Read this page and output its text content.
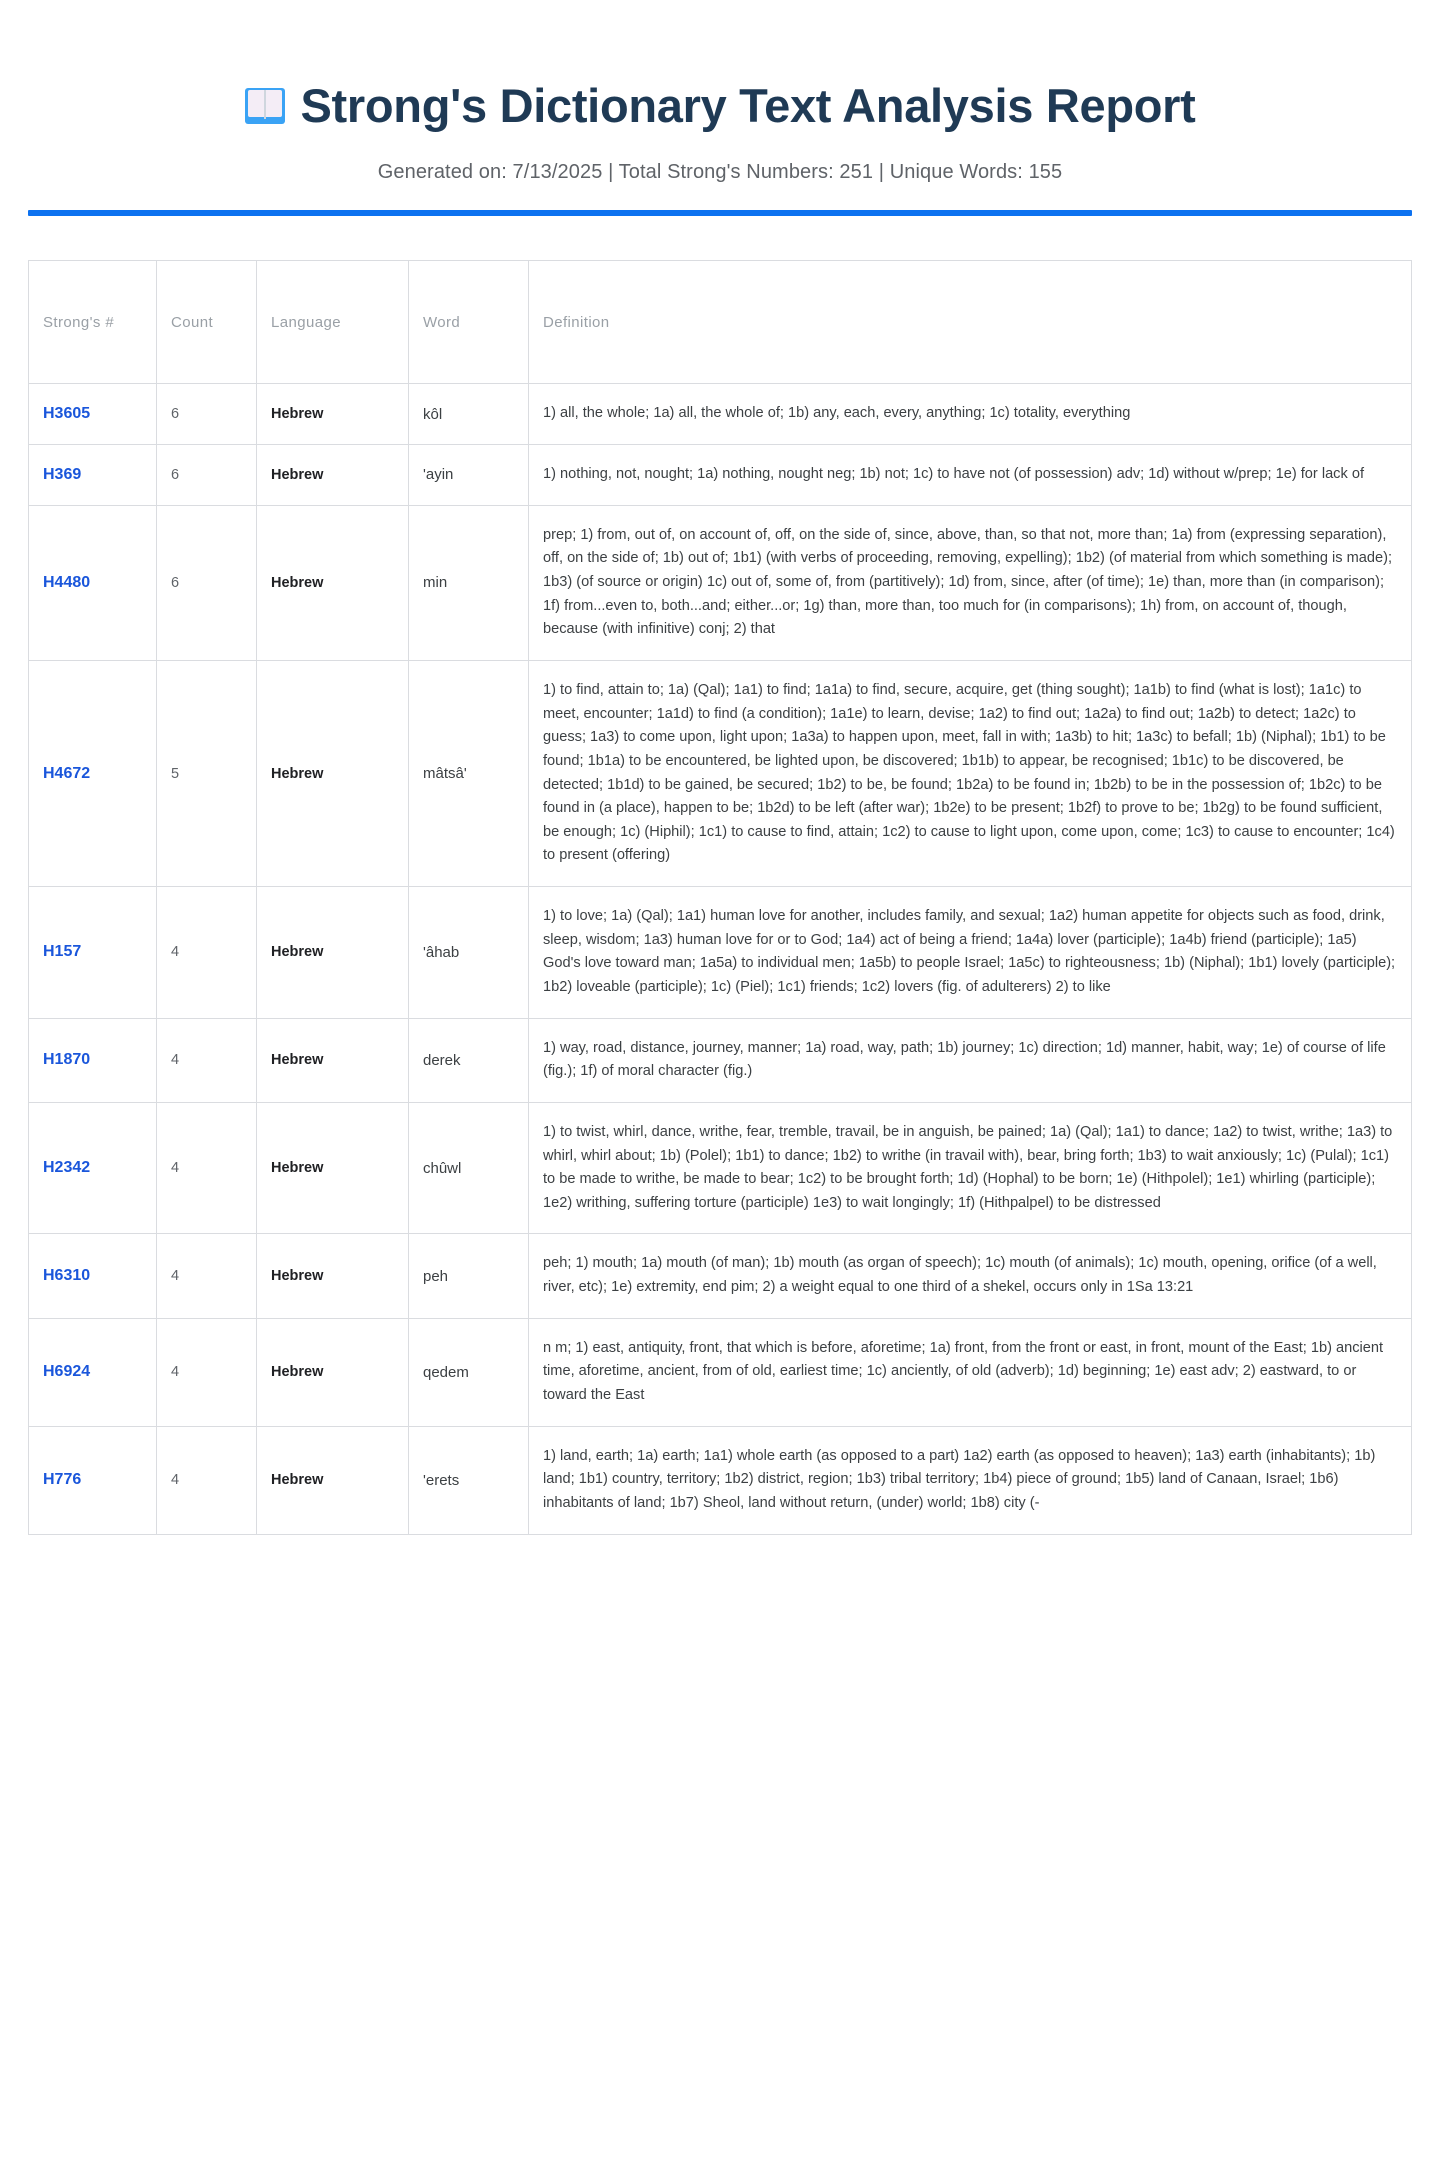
Strong's Dictionary Text Analysis Report

Generated on: 7/13/2025 | Total Strong's Numbers: 251 | Unique Words: 155

Strong's #	Count	Language	Word	Definition
H3605	6	Hebrew	kôl	1) all, the whole; 1a) all, the whole of; 1b) any, each, every, anything; 1c) totality, everything
H369	6	Hebrew	'ayin	1) nothing, not, nought; 1a) nothing, nought neg; 1b) not; 1c) to have not (of possession) adv; 1d) without w/prep; 1e) for lack of
H4480	6	Hebrew	min	prep; 1) from, out of, on account of, off, on the side of, since, above, than, so that not, more than; 1a) from (expressing separation), off, on the side of; 1b) out of; 1b1) (with verbs of proceeding, removing, expelling); 1b2) (of material from which something is made); 1b3) (of source or origin) 1c) out of, some of, from (partitively); 1d) from, since, after (of time); 1e) than, more than (in comparison); 1f) from...even to, both...and; either...or; 1g) than, more than, too much for (in comparisons); 1h) from, on account of, though, because (with infinitive) conj; 2) that
H4672	5	Hebrew	mâtsâ'	1) to find, attain to; 1a) (Qal); 1a1) to find; 1a1a) to find, secure, acquire, get (thing sought); 1a1b) to find (what is lost); 1a1c) to meet, encounter; 1a1d) to find (a condition); 1a1e) to learn, devise; 1a2) to find out; 1a2a) to find out; 1a2b) to detect; 1a2c) to guess; 1a3) to come upon, light upon; 1a3a) to happen upon, meet, fall in with; 1a3b) to hit; 1a3c) to befall; 1b) (Niphal); 1b1) to be found; 1b1a) to be encountered, be lighted upon, be discovered; 1b1b) to appear, be recognised; 1b1c) to be discovered, be detected; 1b1d) to be gained, be secured; 1b2) to be, be found; 1b2a) to be found in; 1b2b) to be in the possession of; 1b2c) to be found in (a place), happen to be; 1b2d) to be left (after war); 1b2e) to be present; 1b2f) to prove to be; 1b2g) to be found sufficient, be enough; 1c) (Hiphil); 1c1) to cause to find, attain; 1c2) to cause to light upon, come upon, come; 1c3) to cause to encounter; 1c4) to present (offering)
H157	4	Hebrew	'âhab	1) to love; 1a) (Qal); 1a1) human love for another, includes family, and sexual; 1a2) human appetite for objects such as food, drink, sleep, wisdom; 1a3) human love for or to God; 1a4) act of being a friend; 1a4a) lover (participle); 1a4b) friend (participle); 1a5) God's love toward man; 1a5a) to individual men; 1a5b) to people Israel; 1a5c) to righteousness; 1b) (Niphal); 1b1) lovely (participle); 1b2) loveable (participle); 1c) (Piel); 1c1) friends; 1c2) lovers (fig. of adulterers) 2) to like
H1870	4	Hebrew	derek	1) way, road, distance, journey, manner; 1a) road, way, path; 1b) journey; 1c) direction; 1d) manner, habit, way; 1e) of course of life (fig.); 1f) of moral character (fig.)
H2342	4	Hebrew	chûwl	1) to twist, whirl, dance, writhe, fear, tremble, travail, be in anguish, be pained; 1a) (Qal); 1a1) to dance; 1a2) to twist, writhe; 1a3) to whirl, whirl about; 1b) (Polel); 1b1) to dance; 1b2) to writhe (in travail with), bear, bring forth; 1b3) to wait anxiously; 1c) (Pulal); 1c1) to be made to writhe, be made to bear; 1c2) to be brought forth; 1d) (Hophal) to be born; 1e) (Hithpolel); 1e1) whirling (participle); 1e2) writhing, suffering torture (participle) 1e3) to wait longingly; 1f) (Hithpalpel) to be distressed
H6310	4	Hebrew	peh	peh; 1) mouth; 1a) mouth (of man); 1b) mouth (as organ of speech); 1c) mouth (of animals); 1c) mouth, opening, orifice (of a well, river, etc); 1e) extremity, end pim; 2) a weight equal to one third of a shekel, occurs only in 1Sa 13:21
H6924	4	Hebrew	qedem	n m; 1) east, antiquity, front, that which is before, aforetime; 1a) front, from the front or east, in front, mount of the East; 1b) ancient time, aforetime, ancient, from of old, earliest time; 1c) anciently, of old (adverb); 1d) beginning; 1e) east adv; 2) eastward, to or toward the East
H776	4	Hebrew	'erets	1) land, earth; 1a) earth; 1a1) whole earth (as opposed to a part) 1a2) earth (as opposed to heaven); 1a3) earth (inhabitants); 1b) land; 1b1) country, territory; 1b2) district, region; 1b3) tribal territory; 1b4) piece of ground; 1b5) land of Canaan, Israel; 1b6) inhabitants of land; 1b7) Sheol, land without return, (under) world; 1b8) city (-
